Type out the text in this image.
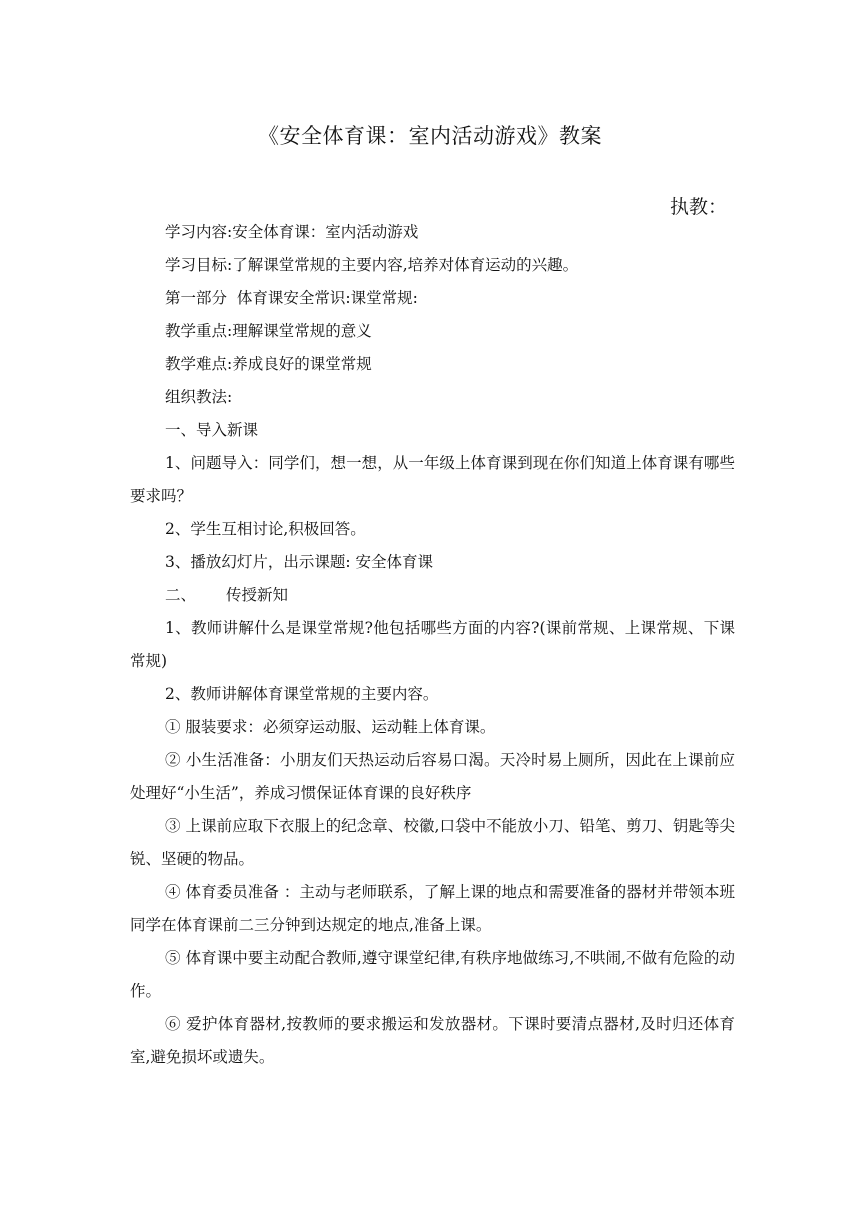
《安全体育课：室内活动游戏》教案
执教：

学习内容:安全体育课：室内活动游戏

学习目标:了解课堂常规的主要内容,培养对体育运动的兴趣。

第一部分  体育课安全常识:课堂常规:

教学重点:理解课堂常规的意义

教学难点:养成良好的课堂常规

组织教法:

一、导入新课

1、问题导入：同学们，想一想，从一年级上体育课到现在你们知道上体育课有哪些要求吗？

2、学生互相讨论,积极回答。

3、播放幻灯片，出示课题: 安全体育课

二、 传授新知

1、教师讲解什么是课堂常规?他包括哪些方面的内容?(课前常规、上课常规、下课常规)

2、教师讲解体育课堂常规的主要内容。

① 服装要求：必须穿运动服、运动鞋上体育课。

② 小生活准备：小朋友们天热运动后容易口渴。天冷时易上厕所，因此在上课前应处理好“小生活”，养成习惯保证体育课的良好秩序

③ 上课前应取下衣服上的纪念章、校徽,口袋中不能放小刀、铅笔、剪刀、钥匙等尖锐、坚硬的物品。

④ 体育委员准备 ：主动与老师联系，了解上课的地点和需要准备的器材并带领本班同学在体育课前二三分钟到达规定的地点,准备上课。

⑤ 体育课中要主动配合教师,遵守课堂纪律,有秩序地做练习,不哄闹,不做有危险的动作。

⑥ 爱护体育器材,按教师的要求搬运和发放器材。下课时要清点器材,及时归还体育室,避免损坏或遗失。
